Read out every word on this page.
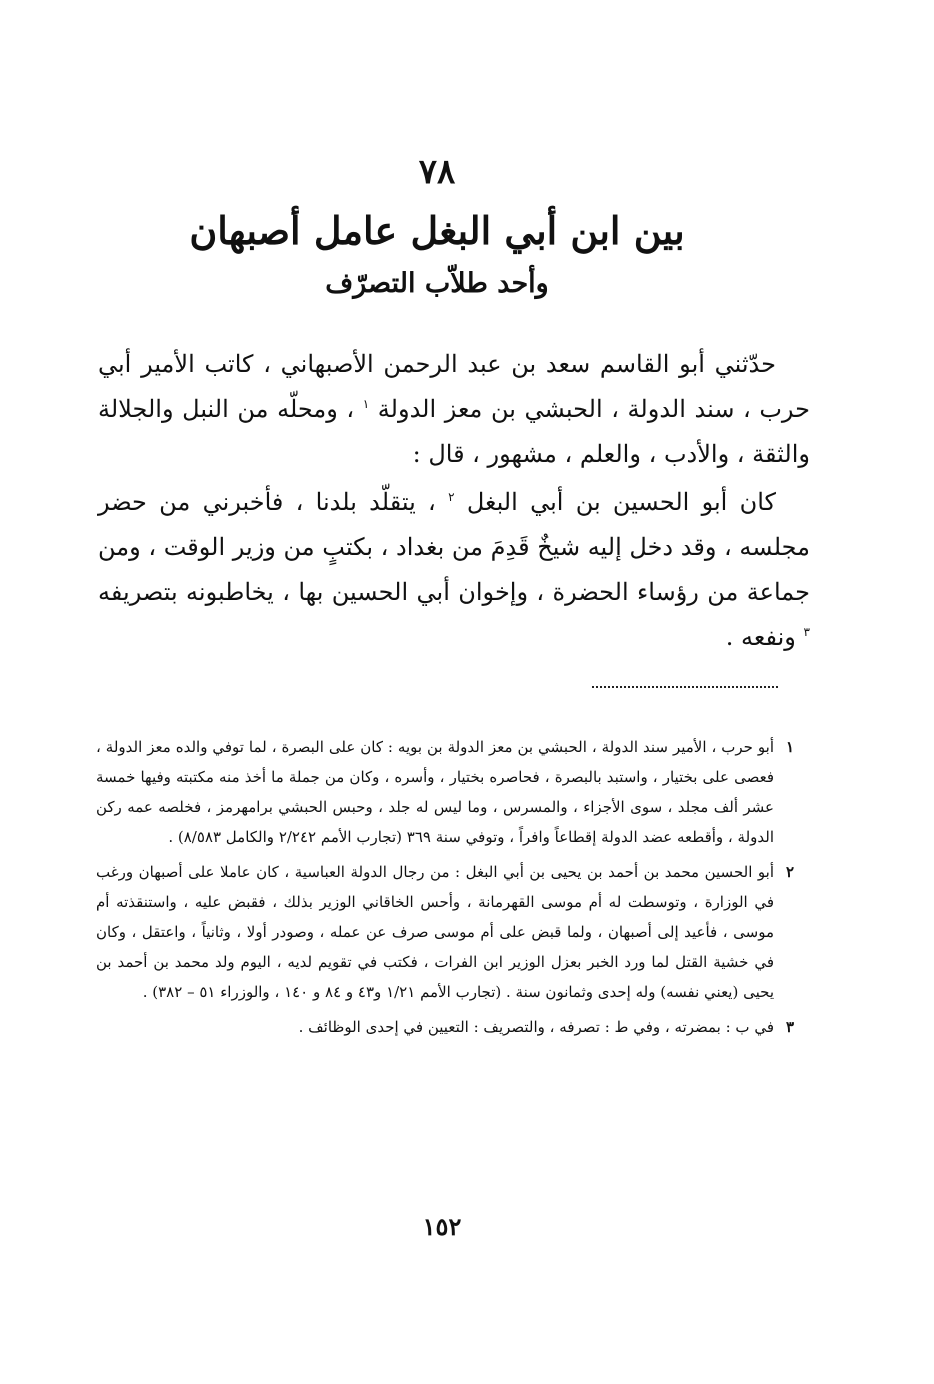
٧٨
بين ابن أبي البغل عامل أصبهان
وأحد طلاّب التصرّف

حدّثني أبو القاسم سعد بن عبد الرحمن الأصبهاني ، كاتب الأمير أبي حرب ، سند الدولة ، الحبشي بن معز الدولة $^١$ ، ومحلّه من النبل والجلالة والثقة ، والأدب ، والعلم ، مشهور ، قال :

كان أبو الحسين بن أبي البغل $^٢$ ، يتقلّد بلدنا ، فأخبرني من حضر مجلسه ، وقد دخل إليه شيخٌ قَدِمَ من بغداد ، بكتبٍ من وزير الوقت ، ومن جماعة من رؤساء الحضرة ، وإخوان أبي الحسين بها ، يخاطبونه بتصريفه $^٣$ ونفعه .

١
أبو حرب ، الأمير سند الدولة ، الحبشي بن معز الدولة بن بويه : كان على البصرة ، لما توفي والده معز الدولة ، فعصى على بختيار ، واستبد بالبصرة ، فحاصره بختيار ، وأسره ، وكان من جملة ما أخذ منه مكتبته وفيها خمسة عشر ألف مجلد ، سوى الأجزاء ، والمسرس ، وما ليس له جلد ، وحبس الحبشي برامهرمز ، فخلصه عمه ركن الدولة ، وأقطعه عضد الدولة إقطاعاً وافراً ، وتوفي سنة ٣٦٩ (تجارب الأمم ٢/٢٤٢ والكامل ٨/٥٨٣) .
٢
أبو الحسين محمد بن أحمد بن يحيى بن أبي البغل : من رجال الدولة العباسية ، كان عاملا على أصبهان ورغب في الوزارة ، وتوسطت له أم موسى القهرمانة ، وأحس الخاقاني الوزير بذلك ، فقبض عليه ، واستنقذته أم موسى ، فأعيد إلى أصبهان ، ولما قبض على أم موسى صرف عن عمله ، وصودر أولا ، وثانياً ، واعتقل ، وكان في خشية القتل لما ورد الخبر بعزل الوزير ابن الفرات ، فكتب في تقويم لديه ، اليوم ولد محمد بن أحمد بن يحيى (يعني نفسه) وله إحدى وثمانون سنة . (تجارب الأمم ١/٢١ و٤٣ و ٨٤ و ١٤٠ ، والوزراء ٥١ – ٣٨٢) .
٣
في ب : بمضرته ، وفي ط : تصرفه ، والتصريف : التعيين في إحدى الوظائف .
١٥٢
